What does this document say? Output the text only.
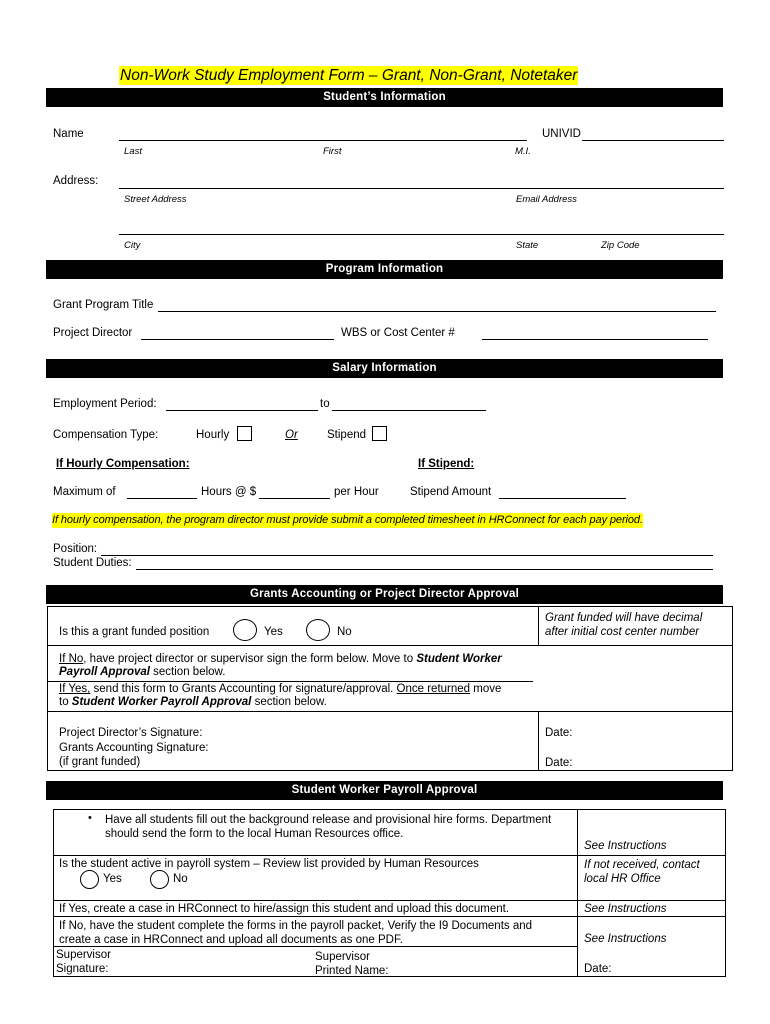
Non-Work Study Employment Form – Grant, Non-Grant, Notetaker
Student’s Information
Name	UNIVID
Last	First	M.I.
Address:
Street Address	Email Address
City	State	Zip Code
Program Information
Grant Program Title
Project Director	WBS or Cost Center #
Salary Information
Employment Period:	to
Compensation Type:	Hourly	Or	Stipend
If Hourly Compensation:	If Stipend:
Maximum of	Hours @ $	per Hour	Stipend Amount
If hourly compensation, the program director must provide submit a completed timesheet in HRConnect for each pay period.
Position:
Student Duties:
Grants Accounting or Project Director Approval
Is this a grant funded position	Yes	No
Grant funded will have decimal after initial cost center number
If No, have project director or supervisor sign the form below. Move to Student Worker
Payroll Approval section below.
If Yes, send this form to Grants Accounting for signature/approval. Once returned move
to Student Worker Payroll Approval section below.
Project Director’s Signature:	Date:
Grants Accounting Signature:
(if grant funded)	Date:
Student Worker Payroll Approval
• Have all students fill out the background release and provisional hire forms. Department should send the form to the local Human Resources office.
See Instructions
Is the student active in payroll system – Review list provided by Human Resources
Yes	No
If not received, contact local HR Office
If Yes, create a case in HRConnect to hire/assign this student and upload this document.	See Instructions
If No, have the student complete the forms in the payroll packet, Verify the I9 Documents and create a case in HRConnect and upload all documents as one PDF.	See Instructions
Supervisor Signature:
Supervisor Printed Name:	Date:
